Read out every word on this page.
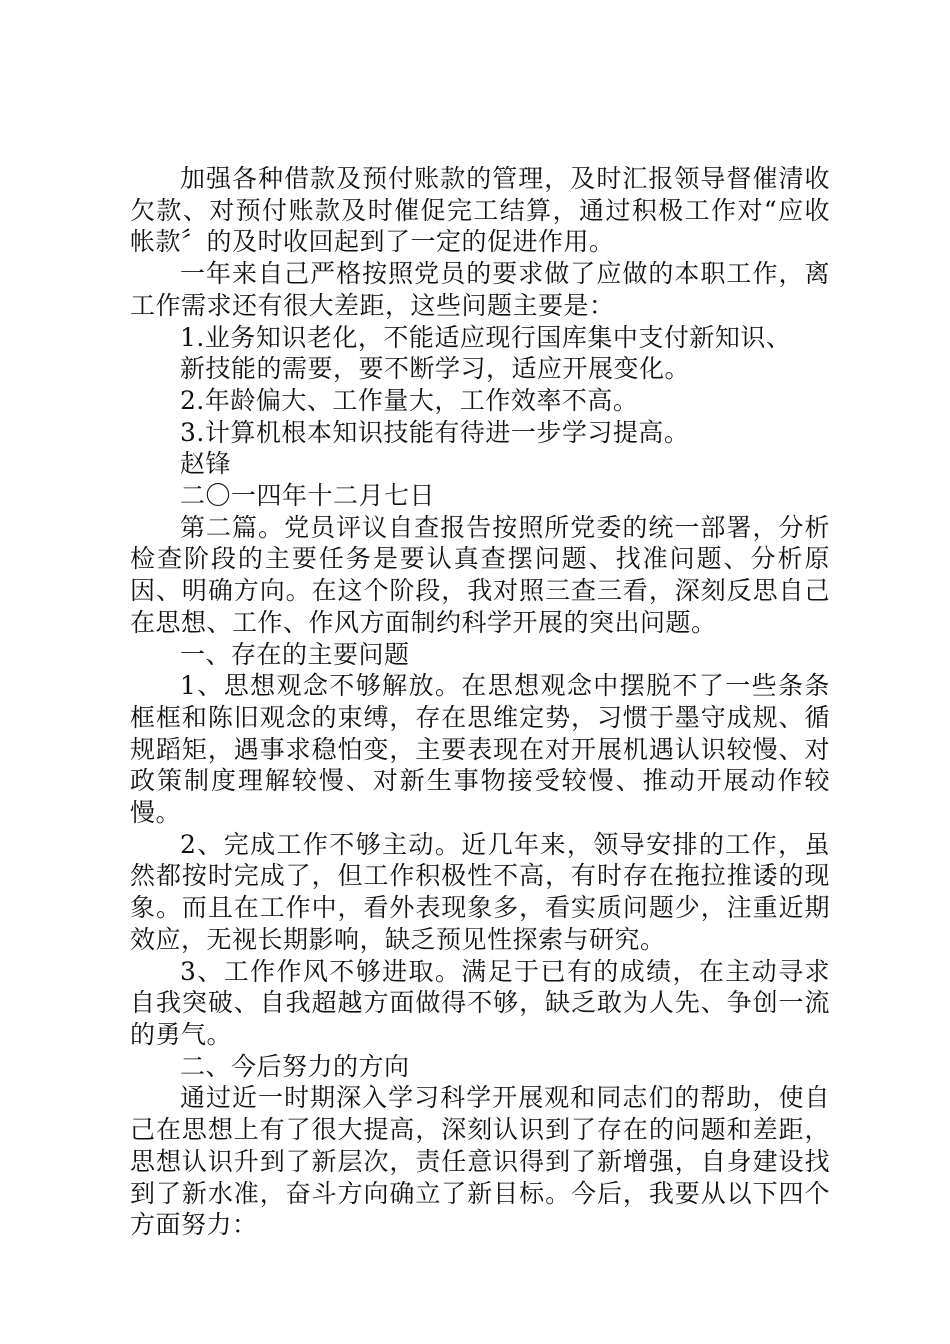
加强各种借款及预付账款的管理，及时汇报领导督催清收欠款、对预付账款及时催促完工结算，通过积极工作对“应收帐款〞的及时收回起到了一定的促进作用。

一年来自己严格按照党员的要求做了应做的本职工作，离工作需求还有很大差距，这些问题主要是：

1.业务知识老化，不能适应现行国库集中支付新知识、

新技能的需要，要不断学习，适应开展变化。

2.年龄偏大、工作量大，工作效率不高。

3.计算机根本知识技能有待进一步学习提高。

赵锋

二〇一四年十二月七日

第二篇。党员评议自查报告按照所党委的统一部署，分析检查阶段的主要任务是要认真查摆问题、找准问题、分析原因、明确方向。在这个阶段，我对照三查三看，深刻反思自己在思想、工作、作风方面制约科学开展的突出问题。

一、存在的主要问题

1、思想观念不够解放。在思想观念中摆脱不了一些条条框框和陈旧观念的束缚，存在思维定势，习惯于墨守成规、循规蹈矩，遇事求稳怕变，主要表现在对开展机遇认识较慢、对政策制度理解较慢、对新生事物接受较慢、推动开展动作较慢。

2、完成工作不够主动。近几年来，领导安排的工作，虽然都按时完成了，但工作积极性不高，有时存在拖拉推诿的现象。而且在工作中，看外表现象多，看实质问题少，注重近期效应，无视长期影响，缺乏预见性探索与研究。

3、工作作风不够进取。满足于已有的成绩，在主动寻求自我突破、自我超越方面做得不够，缺乏敢为人先、争创一流的勇气。

二、今后努力的方向

通过近一时期深入学习科学开展观和同志们的帮助，使自己在思想上有了很大提高，深刻认识到了存在的问题和差距，思想认识升到了新层次，责任意识得到了新增强，自身建设找到了新水准，奋斗方向确立了新目标。今后，我要从以下四个方面努力：
